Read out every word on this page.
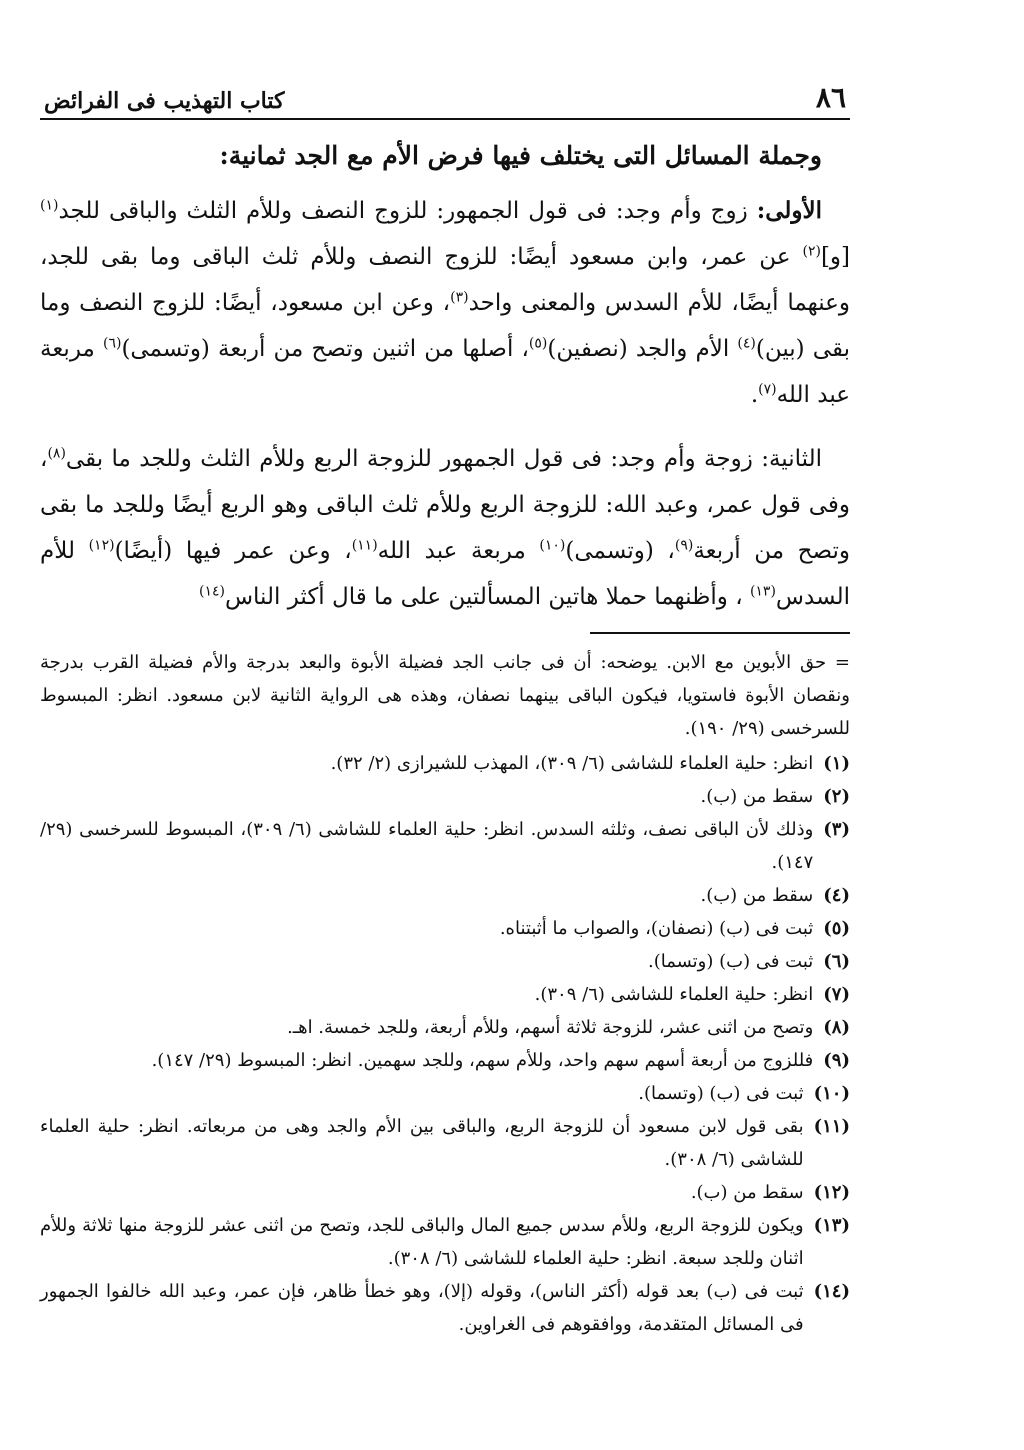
٨٦
كتاب التهذيب فى الفرائض
وجملة المسائل التى يختلف فيها فرض الأم مع الجد ثمانية:

الأولى: زوج وأم وجد: فى قول الجمهور: للزوج النصف وللأم الثلث والباقى للجد$^{(١)}$ [و]$^{(٢)}$ عن عمر، وابن مسعود أيضًا: للزوج النصف وللأم ثلث الباقى وما بقى للجد، وعنهما أيضًا، للأم السدس والمعنى واحد$^{(٣)}$، وعن ابن مسعود، أيضًا: للزوج النصف وما بقى (بين)$^{(٤)}$ الأم والجد (نصفين)$^{(٥)}$، أصلها من اثنين وتصح من أربعة (وتسمى)$^{(٦)}$ مربعة عبد الله$^{(٧)}$.

الثانية: زوجة وأم وجد: فى قول الجمهور للزوجة الربع وللأم الثلث وللجد ما بقى$^{(٨)}$، وفى قول عمر، وعبد الله: للزوجة الربع وللأم ثلث الباقى وهو الربع أيضًا وللجد ما بقى وتصح من أربعة$^{(٩)}$، (وتسمى)$^{(١٠)}$ مربعة عبد الله$^{(١١)}$، وعن عمر فيها (أيضًا)$^{(١٢)}$ للأم السدس$^{(١٣)}$ ، وأظنهما حملا هاتين المسألتين على ما قال أكثر الناس$^{(١٤)}$

= حق الأبوين مع الابن. يوضحه: أن فى جانب الجد فضيلة الأبوة والبعد بدرجة والأم فضيلة القرب بدرجة ونقصان الأبوة فاستويا، فيكون الباقى بينهما نصفان، وهذه هى الرواية الثانية لابن مسعود. انظر: المبسوط للسرخسى (٢٩/ ١٩٠).

(١)
انظر: حلية العلماء للشاشى (٦/ ٣٠٩)، المهذب للشيرازى (٢/ ٣٢).
(٢)
سقط من (ب).
(٣)
وذلك لأن الباقى نصف، وثلثه السدس. انظر: حلية العلماء للشاشى (٦/ ٣٠٩)، المبسوط للسرخسى (٢٩/ ١٤٧).
(٤)
سقط من (ب).
(٥)
ثبت فى (ب) (نصفان)، والصواب ما أثبتناه.
(٦)
ثبت فى (ب) (وتسما).
(٧)
انظر: حلية العلماء للشاشى (٦/ ٣٠٩).
(٨)
وتصح من اثنى عشر، للزوجة ثلاثة أسهم، وللأم أربعة، وللجد خمسة. اهـ.
(٩)
فللزوج من أربعة أسهم سهم واحد، وللأم سهم، وللجد سهمين. انظر: المبسوط (٢٩/ ١٤٧).
(١٠)
ثبت فى (ب) (وتسما).
(١١)
بقى قول لابن مسعود أن للزوجة الربع، والباقى بين الأم والجد وهى من مربعاته. انظر: حلية العلماء للشاشى (٦/ ٣٠٨).
(١٢)
سقط من (ب).
(١٣)
ويكون للزوجة الربع، وللأم سدس جميع المال والباقى للجد، وتصح من اثنى عشر للزوجة منها ثلاثة وللأم اثنان وللجد سبعة. انظر: حلية العلماء للشاشى (٦/ ٣٠٨).
(١٤)
ثبت فى (ب) بعد قوله (أكثر الناس)، وقوله (إلا)، وهو خطأ ظاهر، فإن عمر، وعبد الله خالفوا الجمهور فى المسائل المتقدمة، ووافقوهم فى الغراوين.
